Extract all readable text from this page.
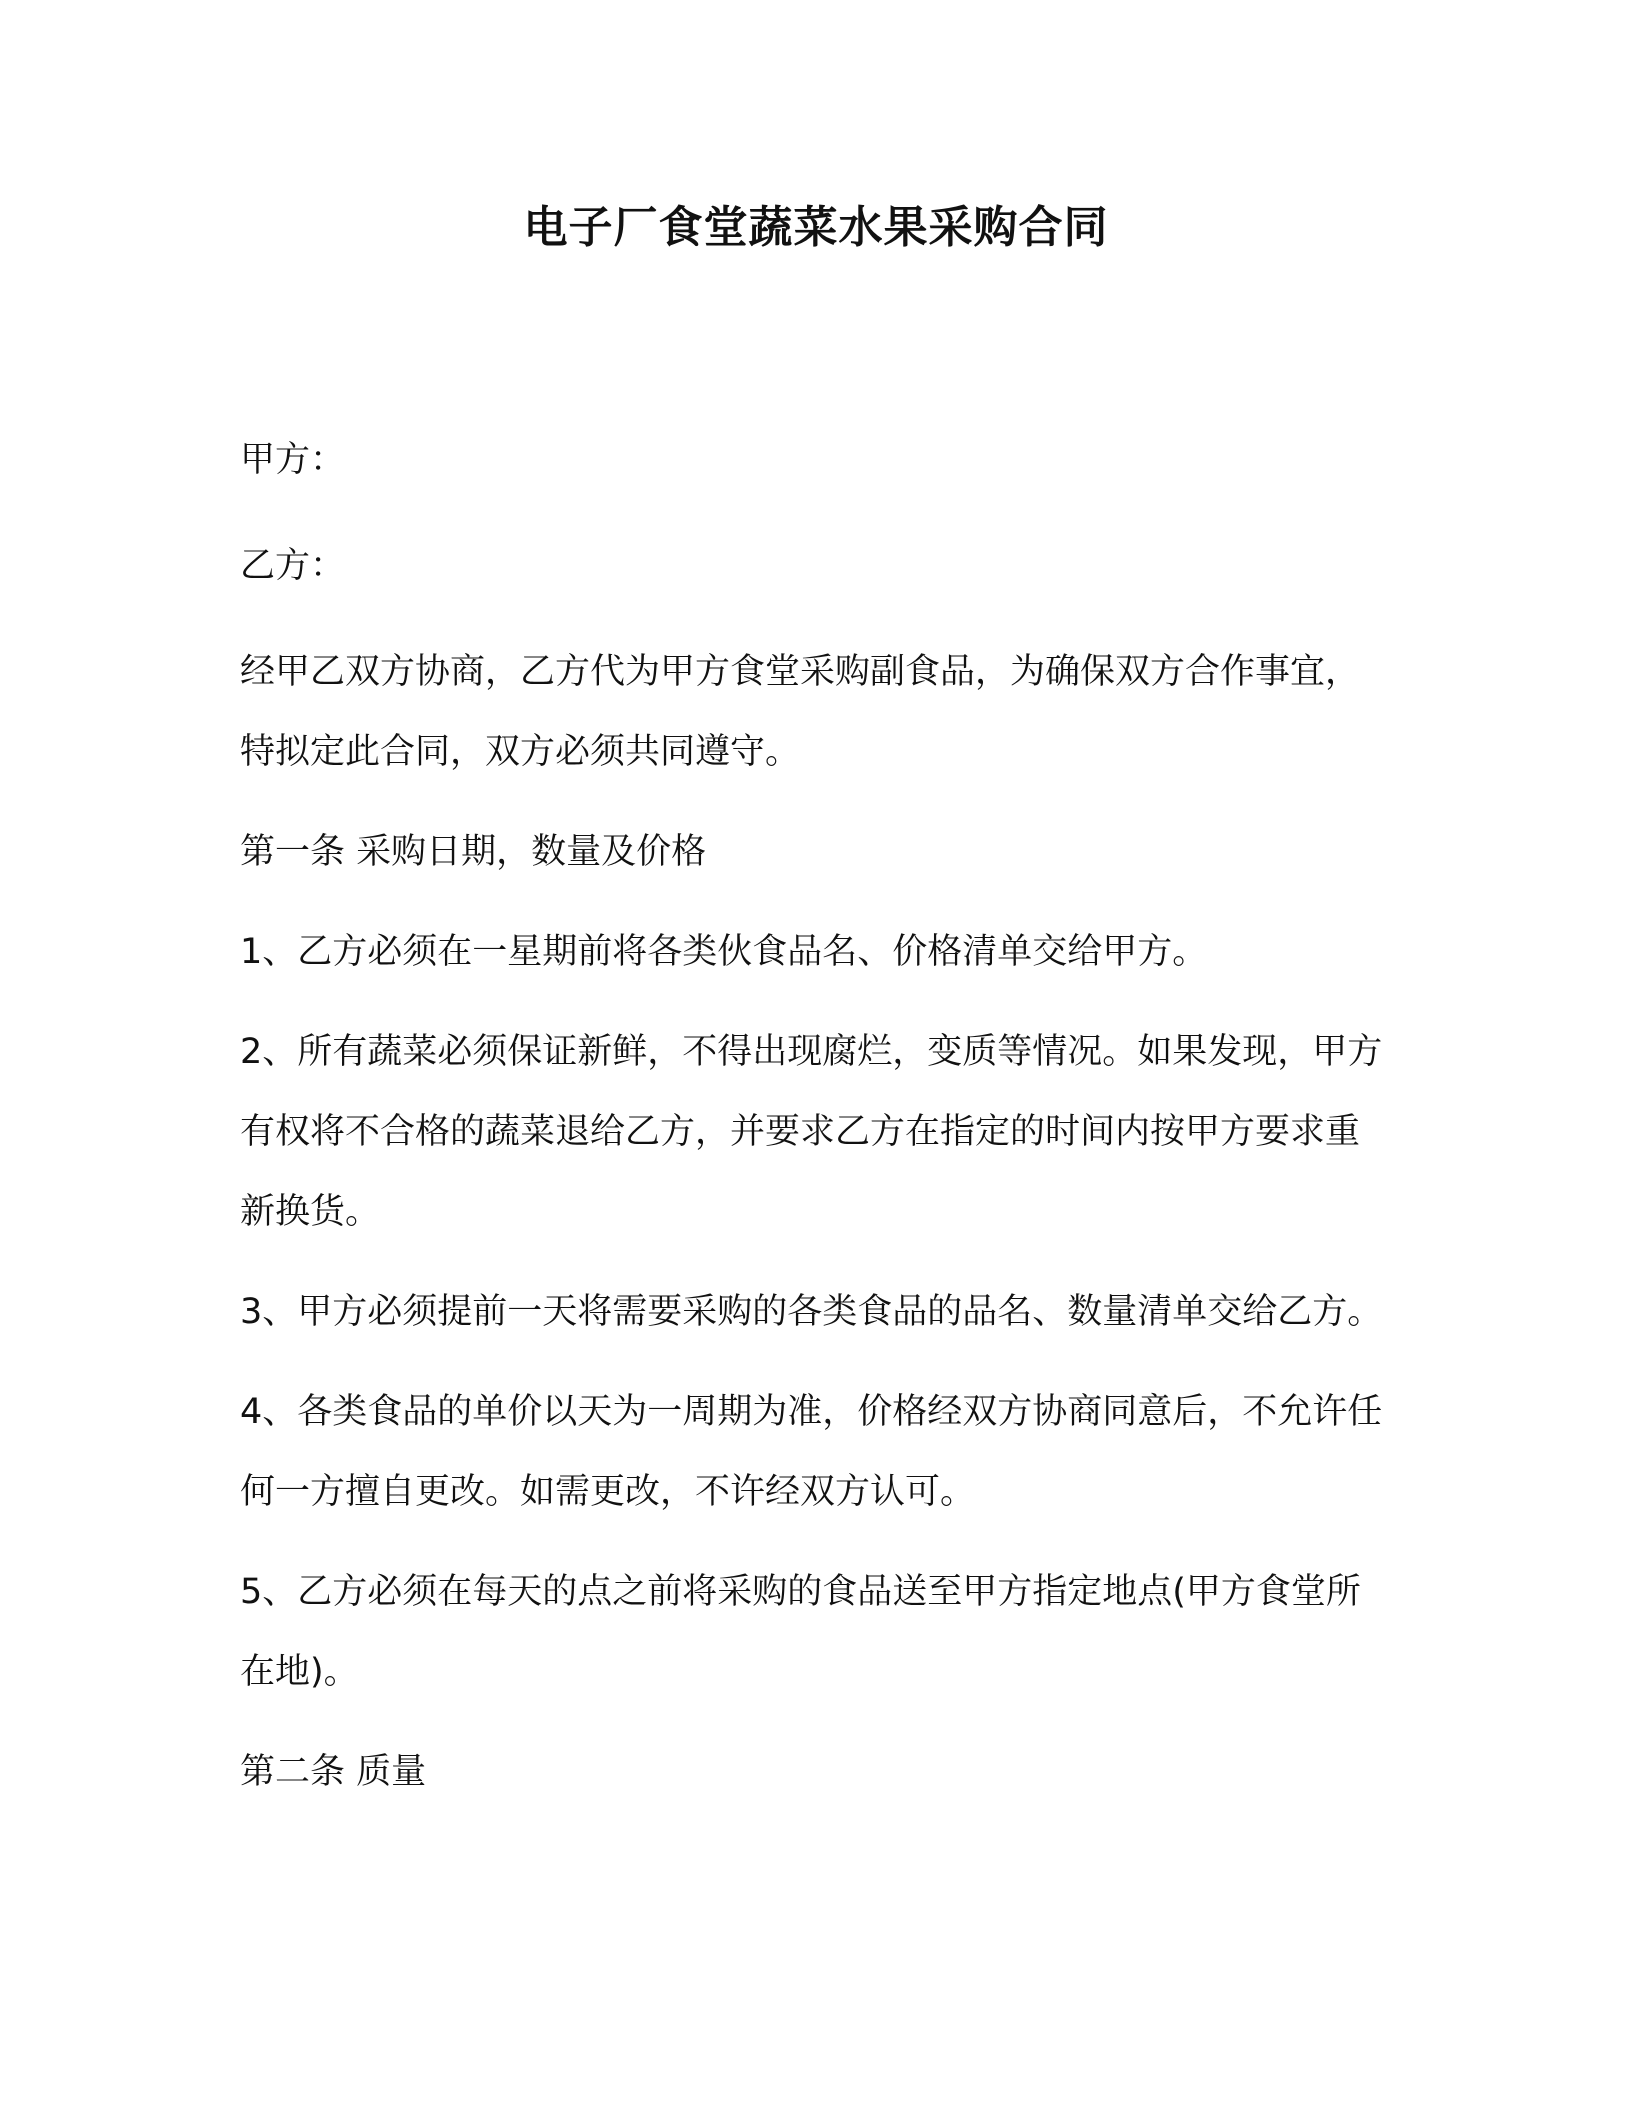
电子厂食堂蔬菜水果采购合同

甲方：

乙方：

经甲乙双方协商，乙方代为甲方食堂采购副食品，为确保双方合作事宜，特拟定此合同，双方必须共同遵守。

第一条 采购日期，数量及价格

1、乙方必须在一星期前将各类伙食品名、价格清单交给甲方。

2、所有蔬菜必须保证新鲜，不得出现腐烂，变质等情况。如果发现，甲方有权将不合格的蔬菜退给乙方，并要求乙方在指定的时间内按甲方要求重新换货。

3、甲方必须提前一天将需要采购的各类食品的品名、数量清单交给乙方。

4、各类食品的单价以天为一周期为准，价格经双方协商同意后，不允许任何一方擅自更改。如需更改，不许经双方认可。

5、乙方必须在每天的点之前将采购的食品送至甲方指定地点(甲方食堂所在地)。

第二条 质量
